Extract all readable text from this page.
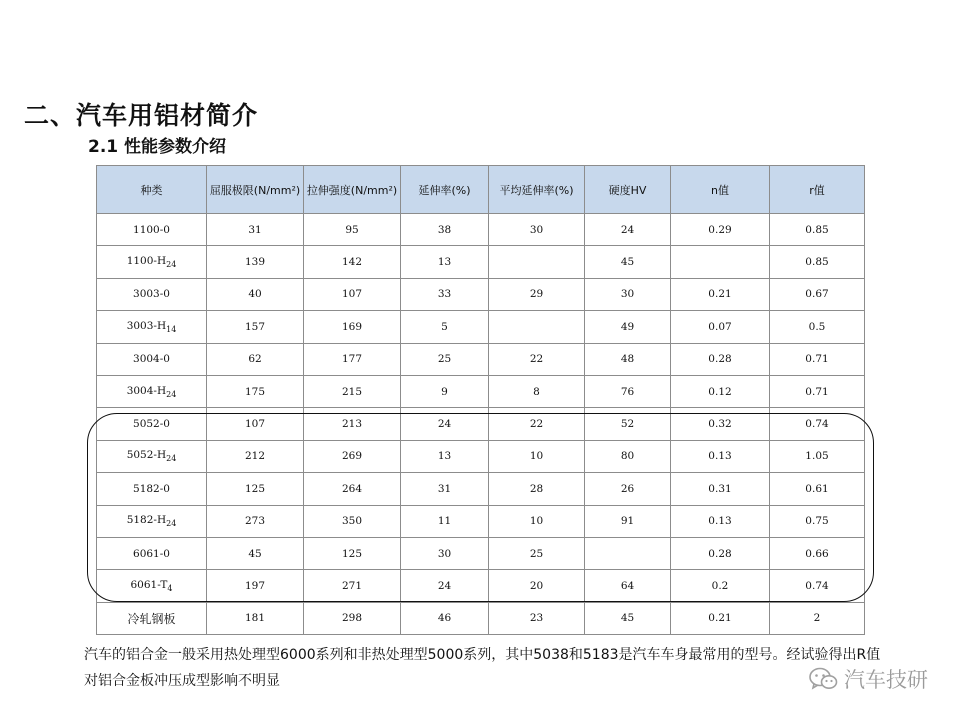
二、汽车用铝材简介
2.1 性能参数介绍
种类	屈服极限(N/mm²)	拉伸强度(N/mm²)	延伸率(%)	平均延伸率(%)	硬度HV	n值	r值
1100-0	31	95	38	30	24	0.29	0.85
$1100-H_{24}$	139	142	13		45		0.85
3003-0	40	107	33	29	30	0.21	0.67
$3003-H_{14}$	157	169	5		49	0.07	0.5
3004-0	62	177	25	22	48	0.28	0.71
$3004-H_{24}$	175	215	9	8	76	0.12	0.71
5052-0	107	213	24	22	52	0.32	0.74
$5052-H_{24}$	212	269	13	10	80	0.13	1.05
5182-0	125	264	31	28	26	0.31	0.61
$5182-H_{24}$	273	350	11	10	91	0.13	0.75
6061-0	45	125	30	25		0.28	0.66
$6061-T_4$	197	271	24	20	64	0.2	0.74
冷轧钢板	181	298	46	23	45	0.21	2

汽车的铝合金一般采用热处理型6000系列和非热处理型5000系列，其中5038和5183是汽车车身最常用的型号。经试验得出R值对铝合金板冲压成型影响不明显	汽车技研
